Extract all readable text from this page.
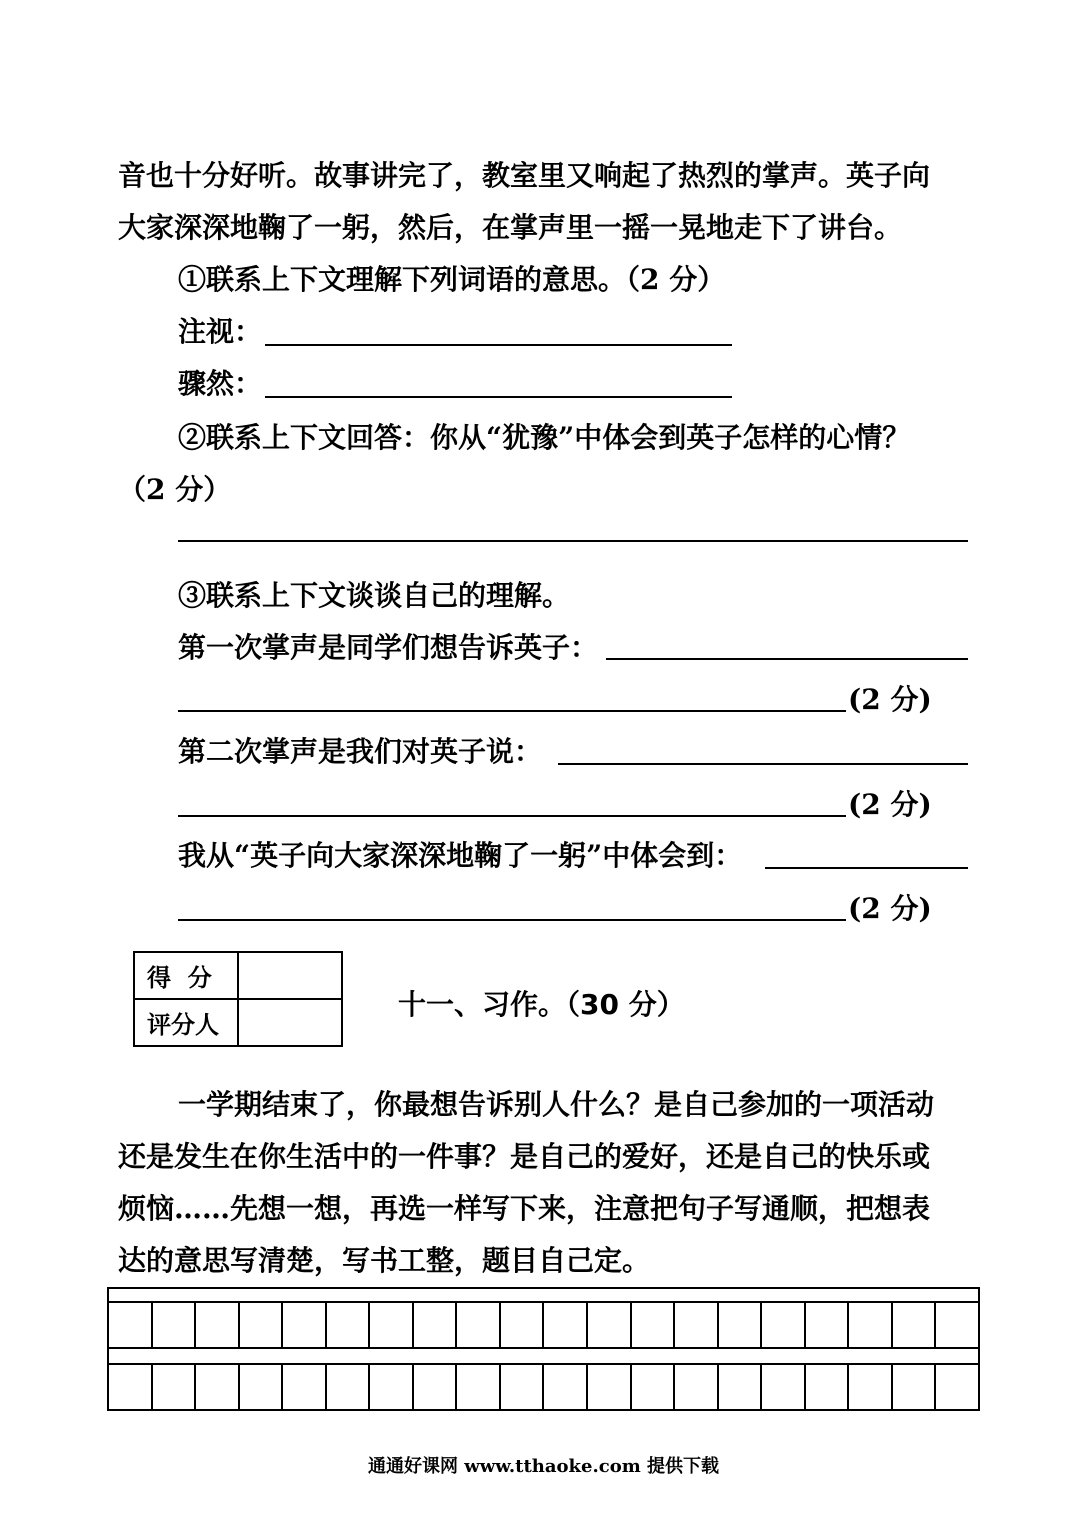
音也十分好听。故事讲完了，教室里又响起了热烈的掌声。英子向
大家深深地鞠了一躬，然后，在掌声里一摇一晃地走下了讲台。
①联系上下文理解下列词语的意思。（2 分）
注视：
骤然：
②联系上下文回答：你从“犹豫”中体会到英子怎样的心情？
（2 分）
③联系上下文谈谈自己的理解。
第一次掌声是同学们想告诉英子：
(2 分)
第二次掌声是我们对英子说：
(2 分)
我从“英子向大家深深地鞠了一躬”中体会到：
(2 分)
得  分	
评分人	
十一、习作。（30 分）
一学期结束了，你最想告诉别人什么？是自己参加的一项活动
还是发生在你生活中的一件事？是自己的爱好，还是自己的快乐或
烦恼……先想一想，再选一样写下来，注意把句子写通顺，把想表
达的意思写清楚，写书工整，题目自己定。
通通好课网 www.tthaoke.com 提供下载
